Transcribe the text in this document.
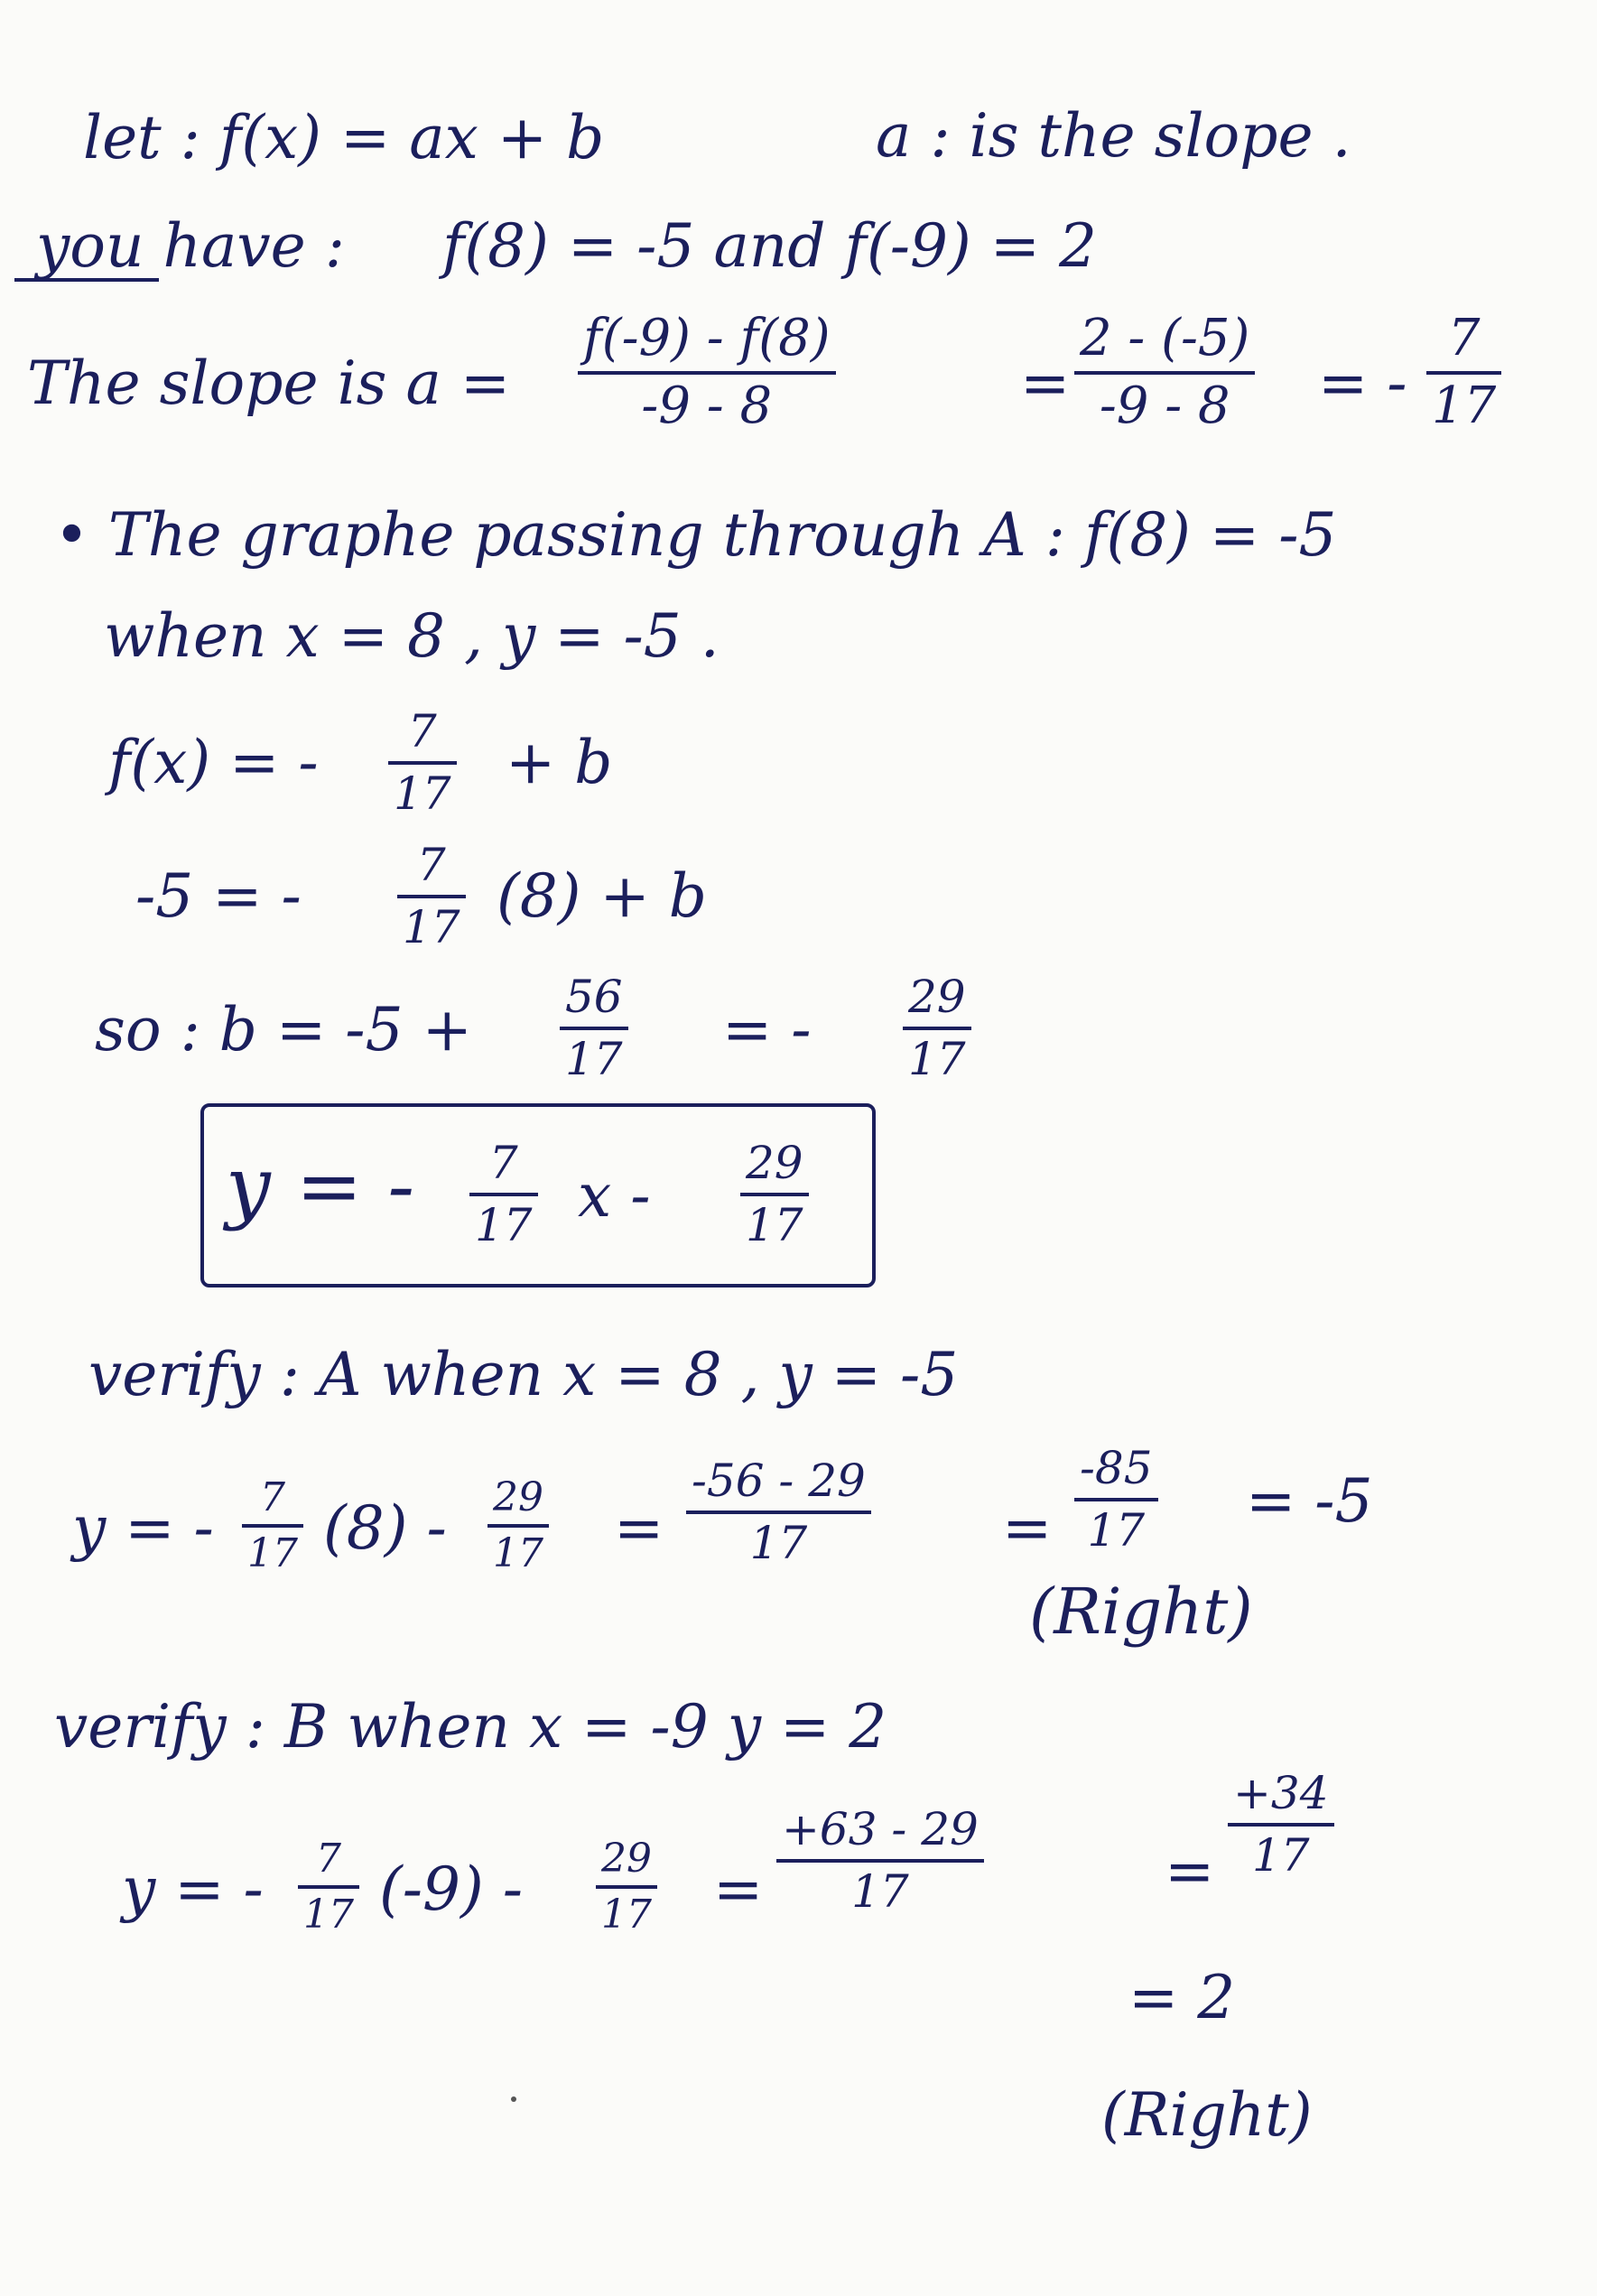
let : f(x) = ax + b	a : is the slope .
you have : f(8) = -5 and f(-9) = 2
The slope is a =
f(-9) - f(8)
-9 - 8	=
2 - (-5)
-9 - 8 = -
7
17
• The graphe passing through A : f(8) = -5
when x = 8 , y = -5 .
f(x) = - 7
17 + b
-5 = -	7
17 (8) + b
so : b = -5 + 56
17 = - 29
17
y = - 7
17 x - 29
17
verify : A when x = 8 , y = -5
y = - 7
17 (8) - 29
17 =
-56 - 29
17	=
-85
17 = -5
(Right)
verify : B when x = -9 y = 2
y = - 7
17 (-9) - 29
17 =
+63 - 29
17	=
+34
17
= 2
(Right)
